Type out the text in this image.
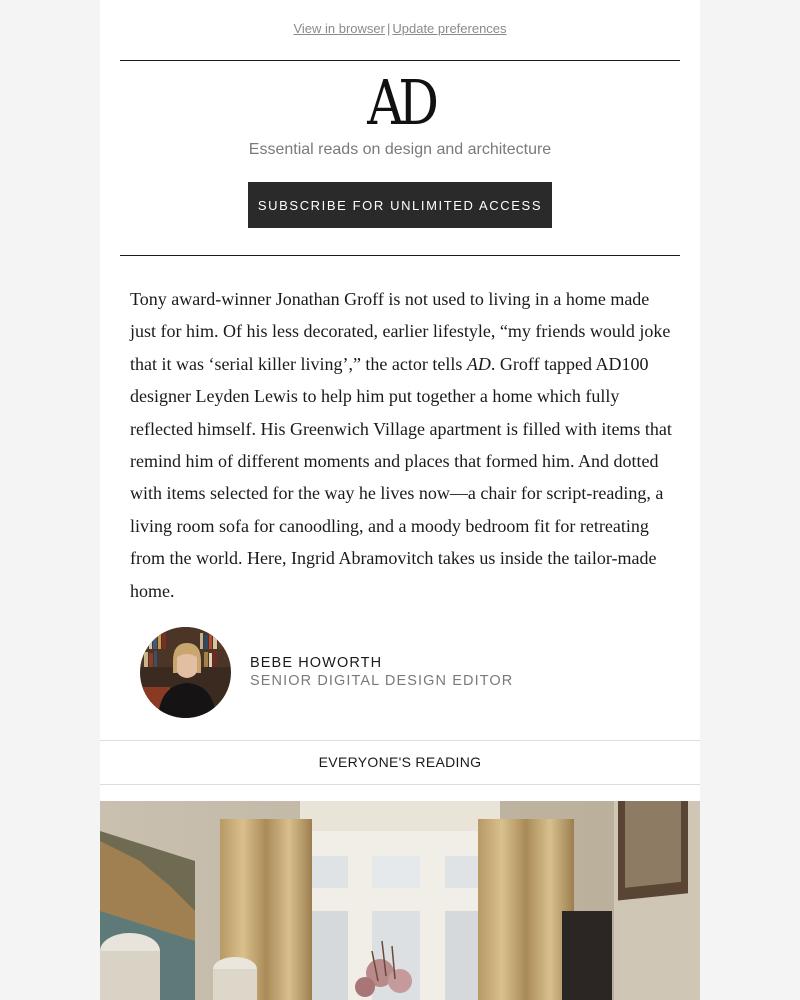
View in browser | Update preferences
AD
Essential reads on design and architecture
SUBSCRIBE FOR UNLIMITED ACCESS

Tony award-winner Jonathan Groff is not used to living in a home made just for him. Of his less decorated, earlier lifestyle, “my friends would joke that it was ‘serial killer living’,” the actor tells AD. Groff tapped AD100 designer Leyden Lewis to help him put together a home which fully reflected himself. His Greenwich Village apartment is filled with items that remind him of different moments and places that formed him. And dotted with items selected for the way he lives now—a chair for script-reading, a living room sofa for canoodling, and a moody bedroom fit for retreating from the world. Here, Ingrid Abramovitch takes us inside the tailor-made home.

BEBE HOWORTH
SENIOR DIGITAL DESIGN EDITOR
EVERYONE'S READING
